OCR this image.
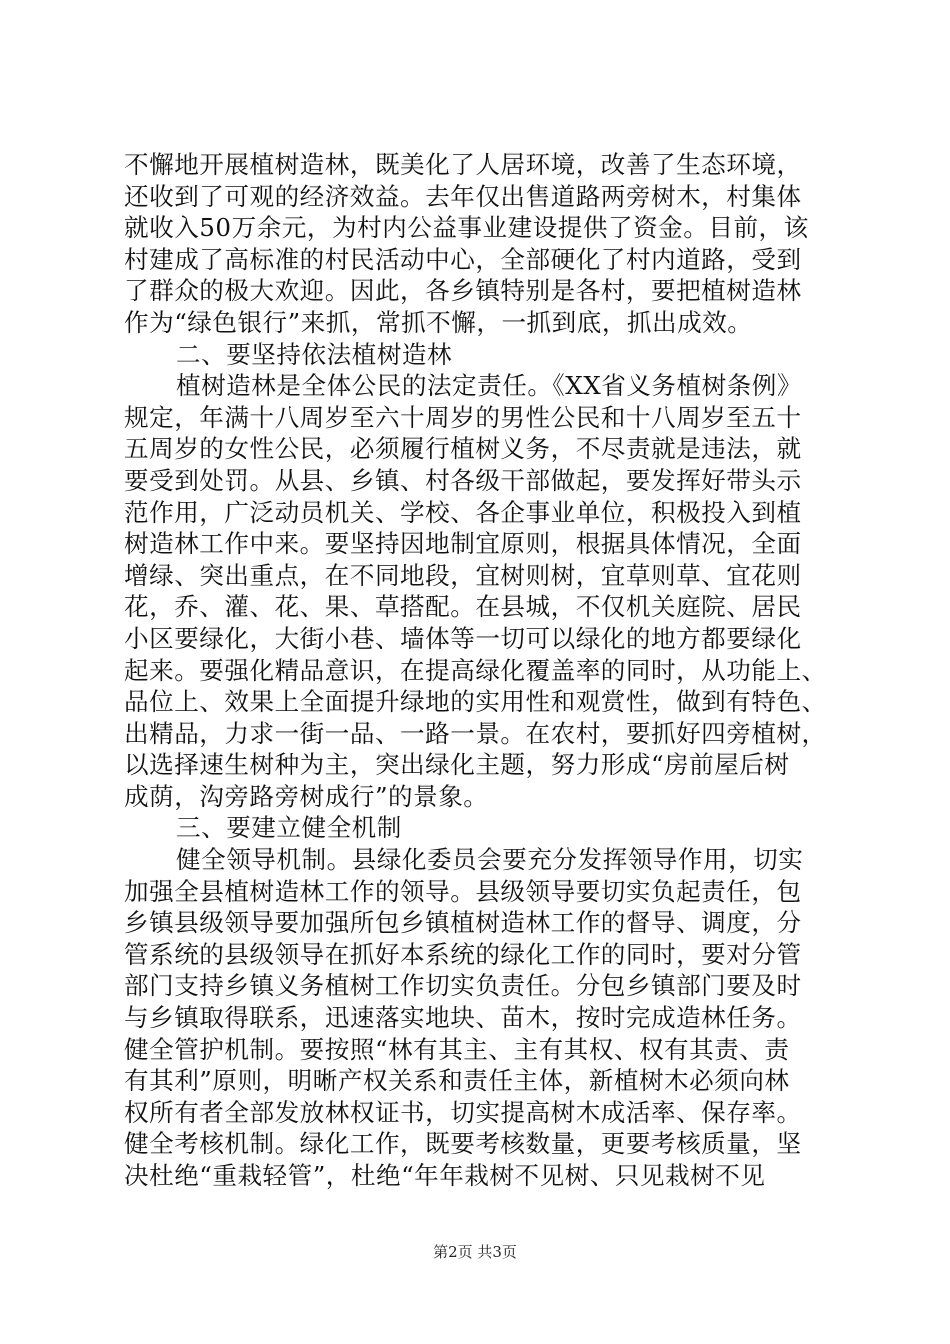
不懈地开展植树造林，既美化了人居环境，改善了生态环境，
还收到了可观的经济效益。去年仅出售道路两旁树木，村集体
就收入50万余元，为村内公益事业建设提供了资金。目前，该
村建成了高标准的村民活动中心，全部硬化了村内道路，受到
了群众的极大欢迎。因此，各乡镇特别是各村，要把植树造林
作为“绿色银行”来抓，常抓不懈，一抓到底，抓出成效。
二、要坚持依法植树造林
植树造林是全体公民的法定责任。《XX省义务植树条例》
规定，年满十八周岁至六十周岁的男性公民和十八周岁至五十
五周岁的女性公民，必须履行植树义务，不尽责就是违法，就
要受到处罚。从县、乡镇、村各级干部做起，要发挥好带头示
范作用，广泛动员机关、学校、各企事业单位，积极投入到植
树造林工作中来。要坚持因地制宜原则，根据具体情况，全面
增绿、突出重点，在不同地段，宜树则树，宜草则草、宜花则
花，乔、灌、花、果、草搭配。在县城，不仅机关庭院、居民
小区要绿化，大街小巷、墙体等一切可以绿化的地方都要绿化
起来。要强化精品意识，在提高绿化覆盖率的同时，从功能上、
品位上、效果上全面提升绿地的实用性和观赏性，做到有特色、
出精品，力求一街一品、一路一景。在农村，要抓好四旁植树，
以选择速生树种为主，突出绿化主题，努力形成“房前屋后树
成荫，沟旁路旁树成行”的景象。
三、要建立健全机制
健全领导机制。县绿化委员会要充分发挥领导作用，切实
加强全县植树造林工作的领导。县级领导要切实负起责任，包
乡镇县级领导要加强所包乡镇植树造林工作的督导、调度，分
管系统的县级领导在抓好本系统的绿化工作的同时，要对分管
部门支持乡镇义务植树工作切实负责任。分包乡镇部门要及时
与乡镇取得联系，迅速落实地块、苗木，按时完成造林任务。
健全管护机制。要按照“林有其主、主有其权、权有其责、责
有其利”原则，明晰产权关系和责任主体，新植树木必须向林
权所有者全部发放林权证书，切实提高树木成活率、保存率。
健全考核机制。绿化工作，既要考核数量，更要考核质量，坚
决杜绝“重栽轻管”，杜绝“年年栽树不见树、只见栽树不见
第2页 共3页
